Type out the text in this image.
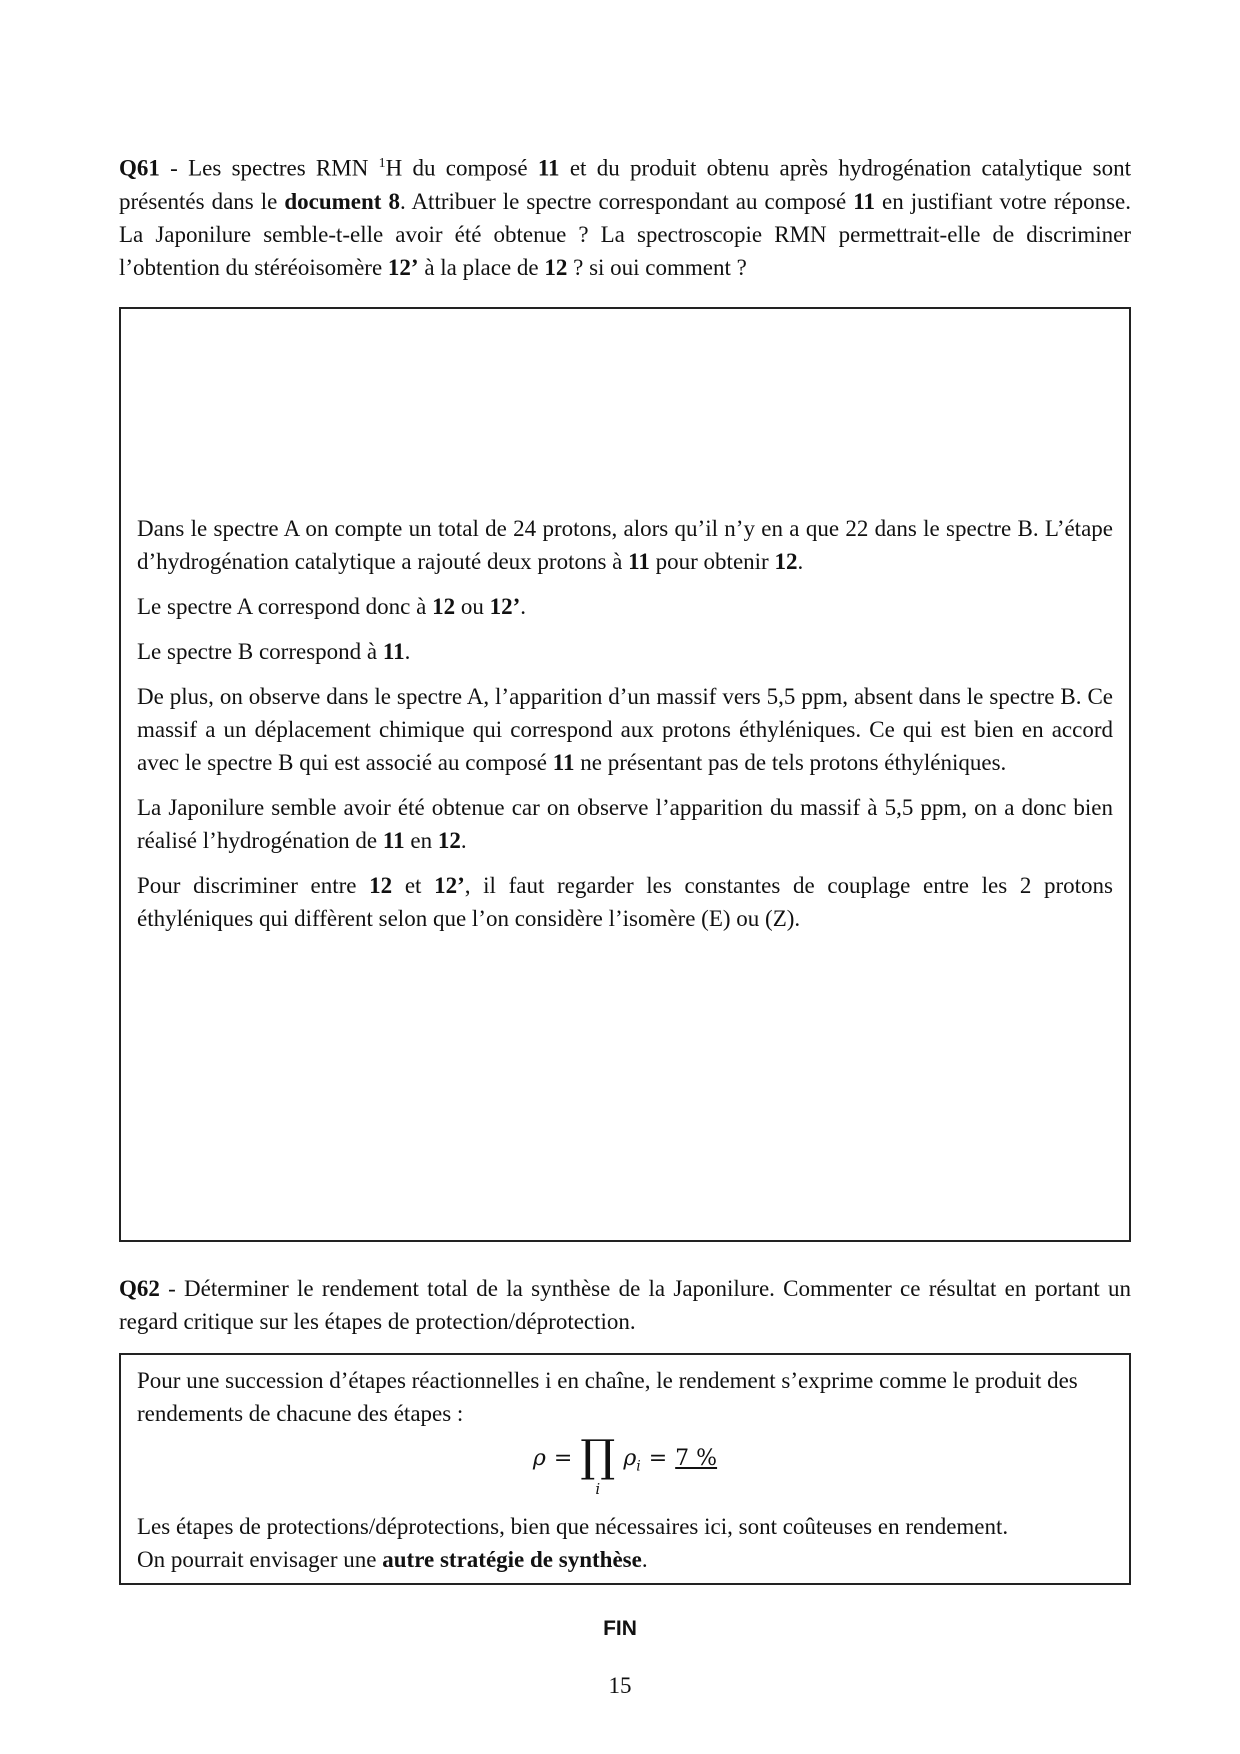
Q61 - Les spectres RMN $^1$H du composé 11 et du produit obtenu après hydrogénation catalytique sont présentés dans le document 8. Attribuer le spectre correspondant au composé 11 en justifiant votre réponse. La Japonilure semble-t-elle avoir été obtenue ? La spectroscopie RMN permettrait-elle de discriminer l’obtention du stéréoisomère 12’ à la place de 12 ? si oui comment ?

Dans le spectre A on compte un total de 24 protons, alors qu’il n’y en a que 22 dans le spectre B. L’étape d’hydrogénation catalytique a rajouté deux protons à 11 pour obtenir 12.

Le spectre A correspond donc à 12 ou 12’.

Le spectre B correspond à 11.

De plus, on observe dans le spectre A, l’apparition d’un massif vers 5,5 ppm, absent dans le spectre B. Ce massif a un déplacement chimique qui correspond aux protons éthyléniques. Ce qui est bien en accord avec le spectre B qui est associé au composé 11 ne présentant pas de tels protons éthyléniques.

La Japonilure semble avoir été obtenue car on observe l’apparition du massif à 5,5 ppm, on a donc bien réalisé l’hydrogénation de 11 en 12.

Pour discriminer entre 12 et 12’, il faut regarder les constantes de couplage entre les 2 protons éthyléniques qui diffèrent selon que l’on considère l’isomère (E) ou (Z).

Q62 - Déterminer le rendement total de la synthèse de la Japonilure. Commenter ce résultat en portant un regard critique sur les étapes de protection/déprotection.

Pour une succession d’étapes réactionnelles i en chaîne, le rendement s’exprime comme le produit des rendements de chacune des étapes :

ρ = ∏
i
$\rho_i = 7$ %

Les étapes de protections/déprotections, bien que nécessaires ici, sont coûteuses en rendement.

On pourrait envisager une autre stratégie de synthèse.

FIN
15
